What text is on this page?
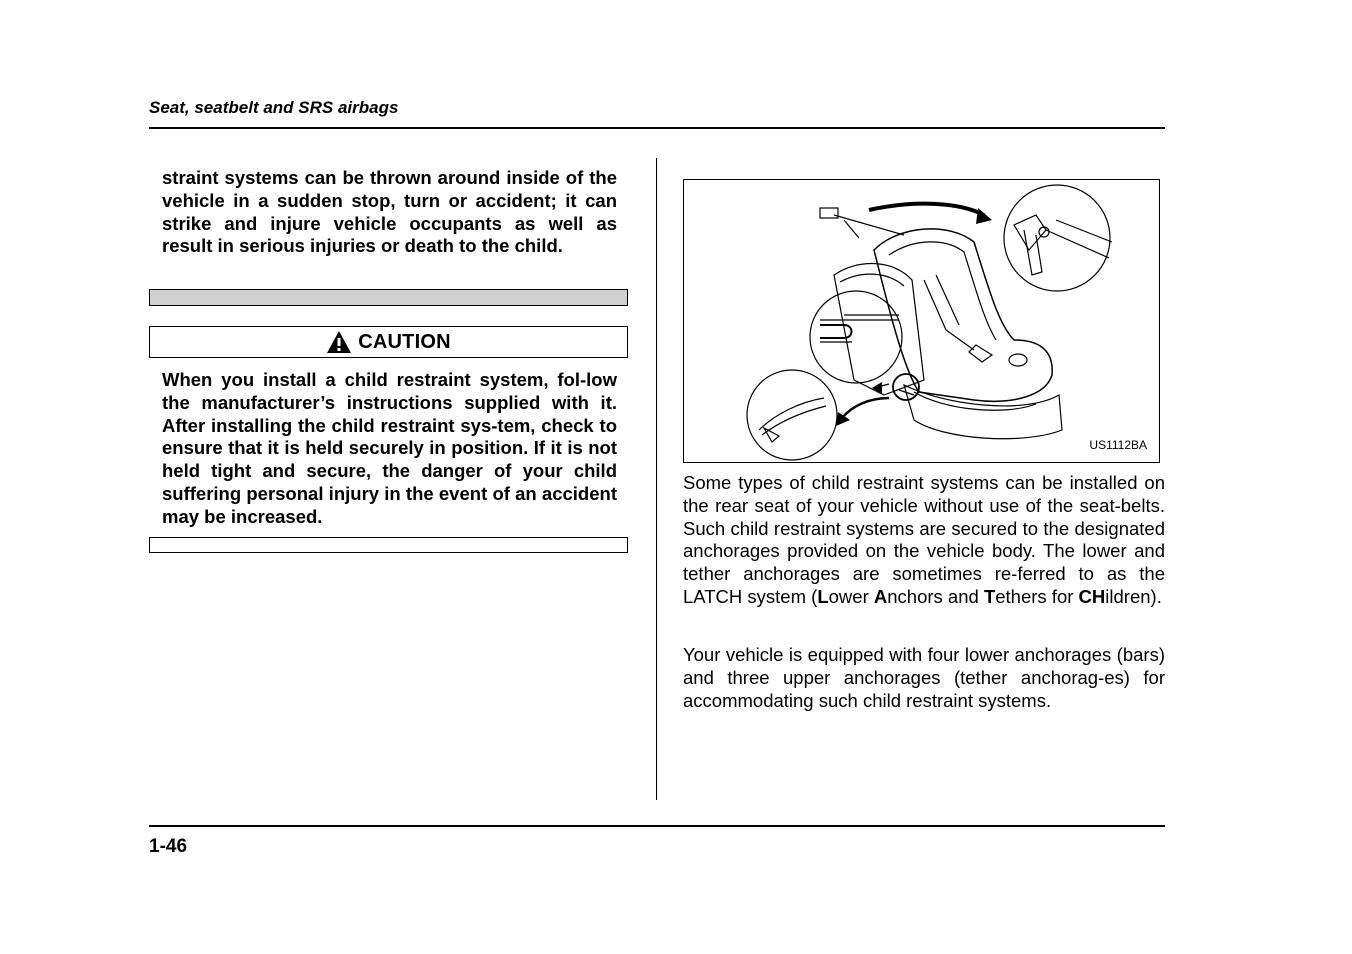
Seat, seatbelt and SRS airbags

straint systems can be thrown around inside of the vehicle in a sudden stop, turn or accident; it can strike and injure vehicle occupants as well as result in serious injuries or death to the child.

CAUTION

When you install a child restraint system, fol-low the manufacturer’s instructions supplied with it. After installing the child restraint sys-tem, check to ensure that it is held securely in position. If it is not held tight and secure, the danger of your child suffering personal injury in the event of an accident may be increased.

US1112BA

Some types of child restraint systems can be installed on the rear seat of your vehicle without use of the seat-belts. Such child restraint systems are secured to the designated anchorages provided on the vehicle body. The lower and tether anchorages are sometimes re-ferred to as the LATCH system (Lower Anchors and Tethers for CHildren).

Your vehicle is equipped with four lower anchorages (bars) and three upper anchorages (tether anchorag-es) for accommodating such child restraint systems.

1-46
